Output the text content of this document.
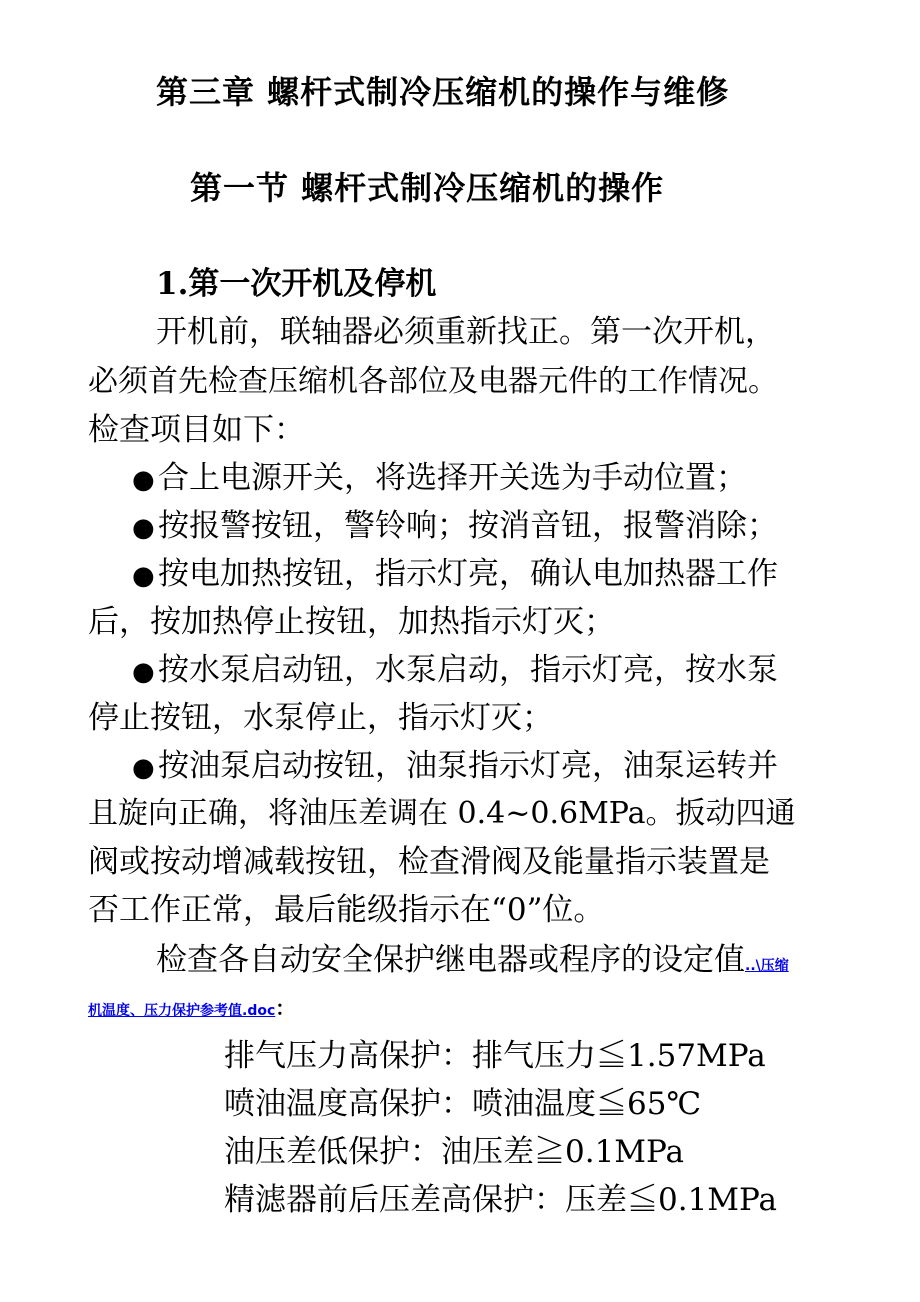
第三章 螺杆式制冷压缩机的操作与维修
第一节 螺杆式制冷压缩机的操作
1.第一次开机及停机
开机前，联轴器必须重新找正。第一次开机，
必须首先检查压缩机各部位及电器元件的工作情况。
检查项目如下：
● 合上电源开关，将选择开关选为手动位置；
● 按报警按钮，警铃响；按消音钮，报警消除；
● 按电加热按钮，指示灯亮，确认电加热器工作
后，按加热停止按钮，加热指示灯灭；
● 按水泵启动钮，水泵启动，指示灯亮，按水泵
停止按钮，水泵停止，指示灯灭；
● 按油泵启动按钮，油泵指示灯亮，油泵运转并
且旋向正确，将油压差调在 0.4~0.6MPa。扳动四通
阀或按动增减载按钮，检查滑阀及能量指示装置是
否工作正常，最后能级指示在“0”位。
检查各自动安全保护继电器或程序的设定值..\压缩
机温度、压力保护参考值.doc：
排气压力高保护：排气压力≦1.57MPa
喷油温度高保护：喷油温度≦65℃
油压差低保护：油压差≧0.1MPa
精滤器前后压差高保护：压差≦0.1MPa
